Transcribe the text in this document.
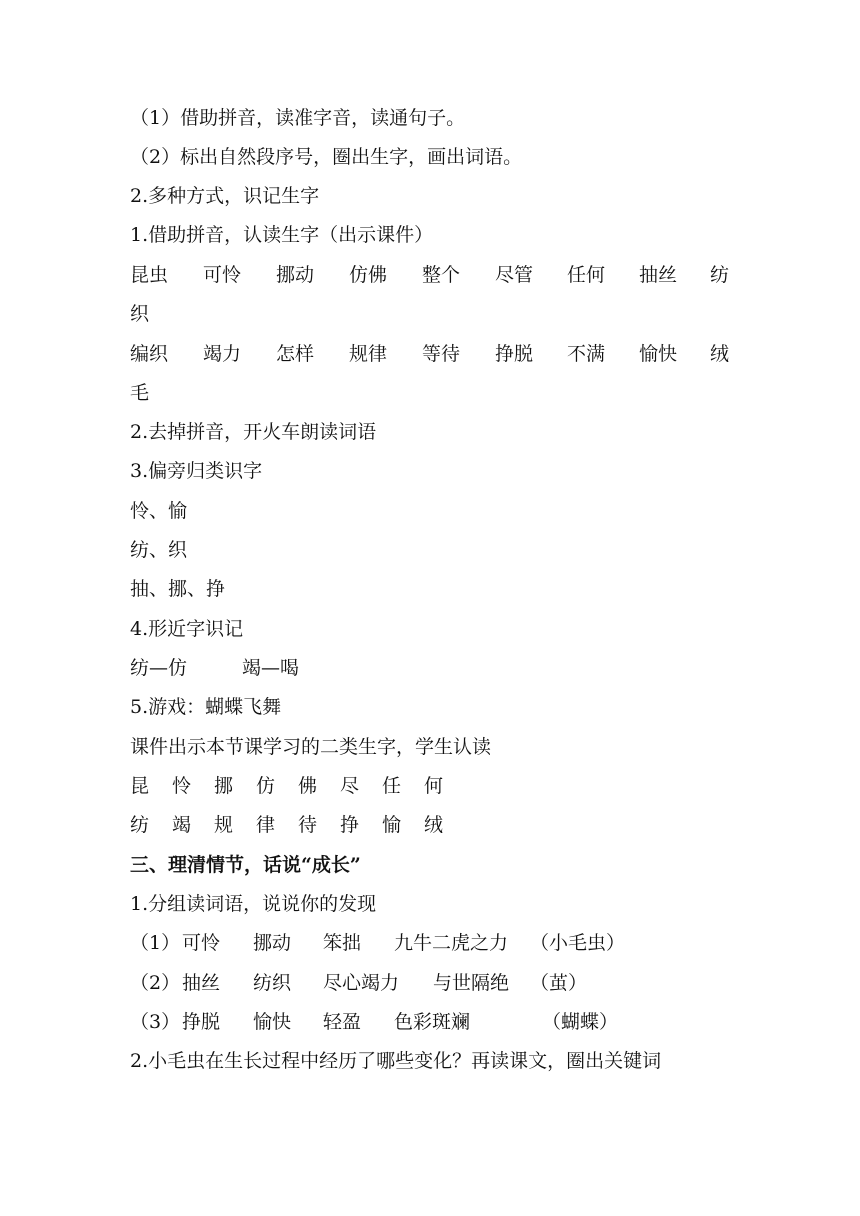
（1）借助拼音，读准字音，读通句子。
（2）标出自然段序号，圈出生字，画出词语。
2.多种方式，识记生字
1.借助拼音，认读生字（出示课件）
昆虫 可怜 挪动 仿佛 整个 尽管 任何 抽丝 纺
织
编织 竭力 怎样 规律 等待 挣脱 不满 愉快 绒
毛
2.去掉拼音，开火车朗读词语
3.偏旁归类识字
怜、愉
纺、织
抽、挪、挣
4.形近字识记
纺—仿	竭—喝
5.游戏：蝴蝶飞舞
课件出示本节课学习的二类生字，学生认读
昆 怜 挪 仿 佛 尽 任 何
纺 竭 规 律 待 挣 愉 绒
三、理清情节，话说“成长”
1.分组读词语，说说你的发现
（1） 可怜 挪动 笨拙 九牛二虎之力 （小毛虫）
（2） 抽丝 纺织 尽心竭力 与世隔绝 （茧）
（3） 挣脱 愉快 轻盈 色彩斑斓	（蝴蝶）
2.小毛虫在生长过程中经历了哪些变化？再读课文，圈出关键词
